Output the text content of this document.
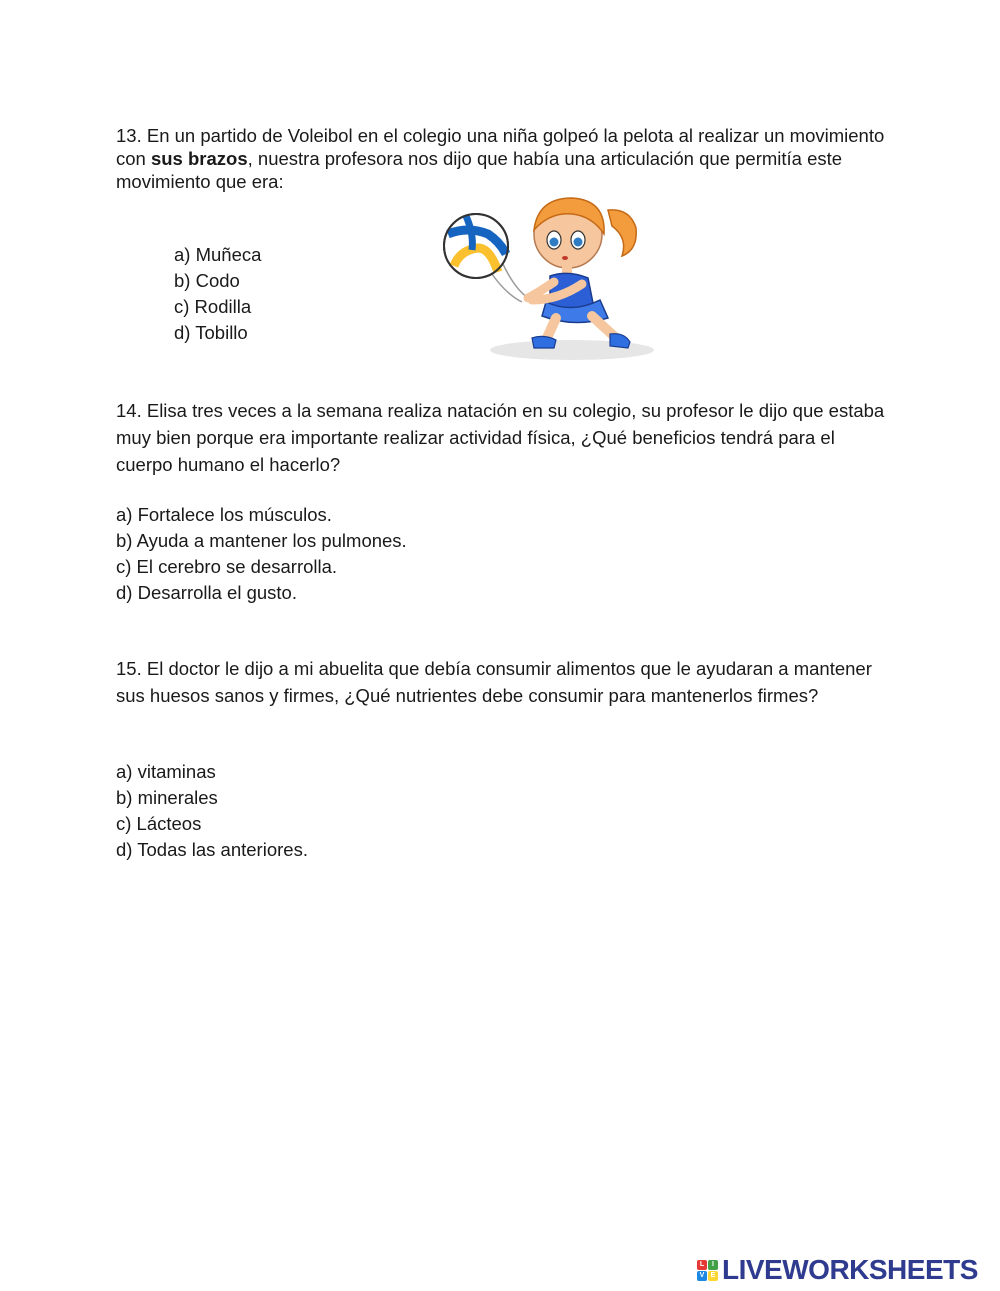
13. En un partido de Voleibol en el colegio una niña golpeó la pelota al realizar un movimiento con sus brazos, nuestra profesora nos dijo que había una articulación que permitía este movimiento que era:

a) Muñeca
b) Codo
c) Rodilla
d) Tobillo

14. Elisa tres veces a la semana realiza natación en su colegio, su profesor le dijo que estaba muy bien porque era importante realizar actividad física, ¿Qué beneficios tendrá para el cuerpo humano el hacerlo?

a) Fortalece los músculos.
b) Ayuda a mantener los pulmones.
c) El cerebro se desarrolla.
d) Desarrolla el gusto.

15. El doctor le dijo a mi abuelita que debía consumir alimentos que le ayudaran a mantener sus huesos sanos y firmes, ¿Qué nutrientes debe consumir para mantenerlos firmes?

a) vitaminas
b) minerales
c) Lácteos
d) Todas las anteriores.
L	I
V E LIVEWORKSHEETS
